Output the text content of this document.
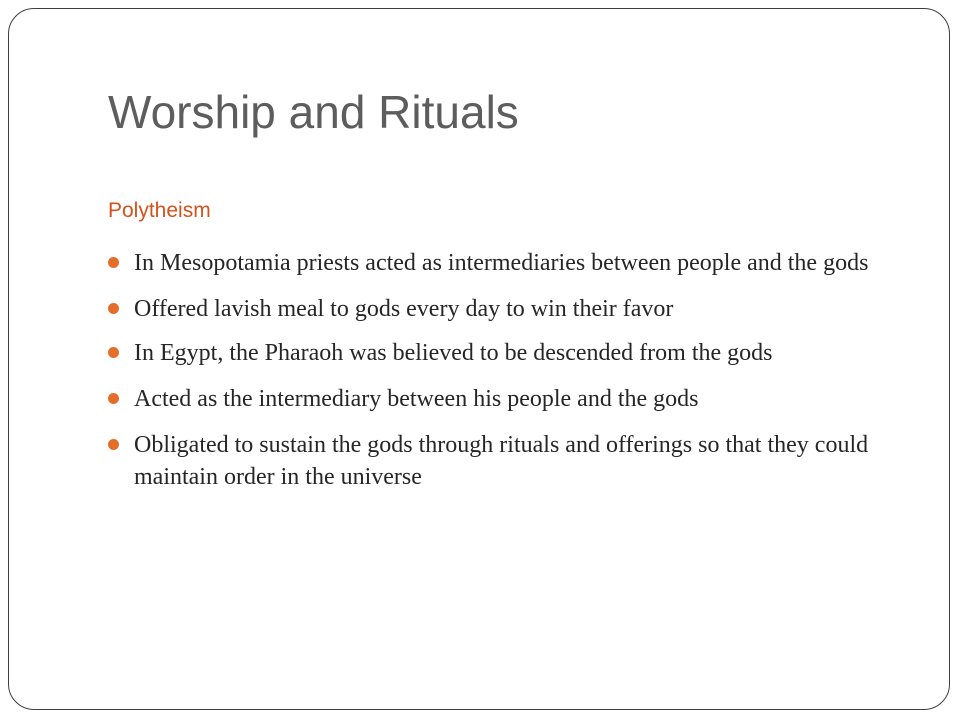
Worship and Rituals

Polytheism

In Mesopotamia priests acted as intermediaries between people and the gods
Offered lavish meal to gods every day to win their favor
In Egypt, the Pharaoh was believed to be descended from the gods
Acted as the intermediary between his people and the gods
Obligated to sustain the gods through rituals and offerings so that they could maintain order in the universe
